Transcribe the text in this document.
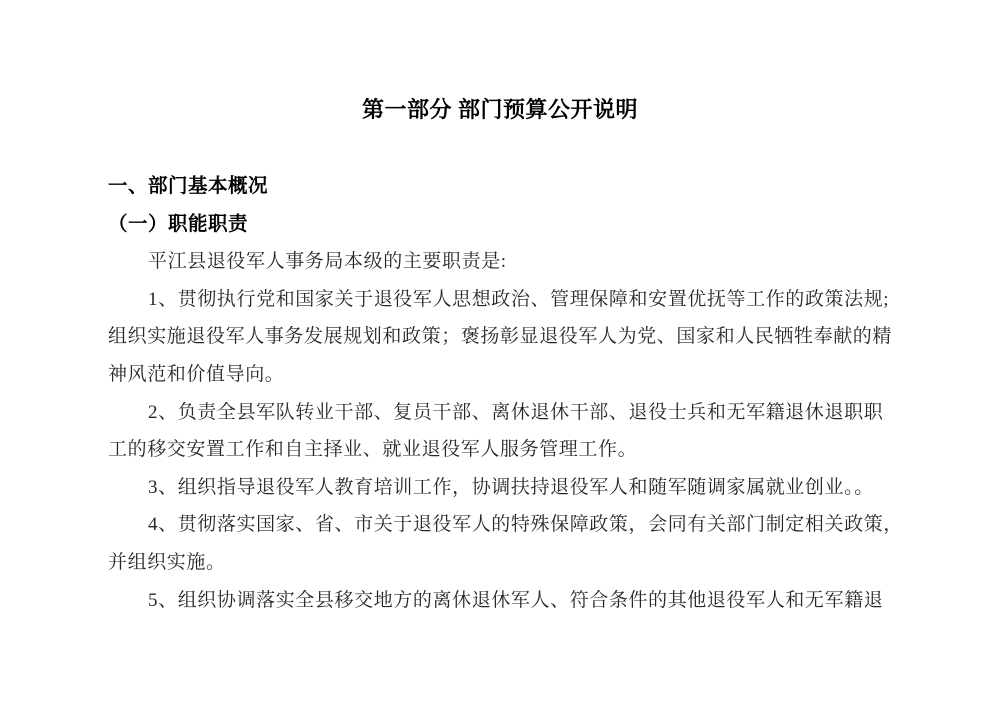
第一部分 部门预算公开说明
一、部门基本概况
（一）职能职责
平江县退役军人事务局本级的主要职责是:
1、贯彻执行党和国家关于退役军人思想政治、管理保障和安置优抚等工作的政策法规;
组织实施退役军人事务发展规划和政策；褒扬彰显退役军人为党、国家和人民牺牲奉献的精
神风范和价值导向。
2、负责全县军队转业干部、复员干部、离休退休干部、退役士兵和无军籍退休退职职
工的移交安置工作和自主择业、就业退役军人服务管理工作。
3、组织指导退役军人教育培训工作，协调扶持退役军人和随军随调家属就业创业。。
4、贯彻落实国家、省、市关于退役军人的特殊保障政策，会同有关部门制定相关政策，
并组织实施。
5、组织协调落实全县移交地方的离休退休军人、符合条件的其他退役军人和无军籍退
